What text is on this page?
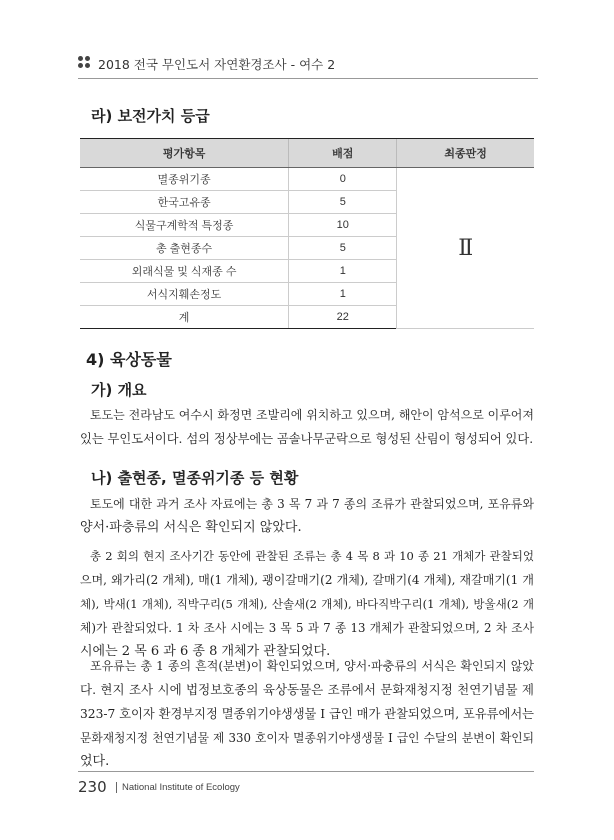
2018 전국 무인도서 자연환경조사 - 여수 2
라) 보전가치 등급
평가항목	배점	최종판정
멸종위기종	0	Ⅱ
한국고유종	5	
식물구계학적 특정종	10	
총 출현종수	5	
외래식물 및 식재종 수	1	
서식지훼손정도	1	
계	22	
4) 육상동물
가) 개요
토도는 전라남도 여수시 화정면 조발리에 위치하고 있으며, 해안이 암석으로 이루어져
있는 무인도서이다. 섬의 정상부에는 곰솔나무군락으로 형성된 산림이 형성되어 있다.
나) 출현종, 멸종위기종 등 현황
토도에 대한 과거 조사 자료에는 총 3 목 7 과 7 종의 조류가 관찰되었으며, 포유류와
양서·파충류의 서식은 확인되지 않았다.
총 2 회의 현지 조사기간 동안에 관찰된 조류는 총 4 목 8 과 10 종 21 개체가 관찰되었
으며, 왜가리(2 개체), 매(1 개체), 괭이갈매기(2 개체), 갈매기(4 개체), 재갈매기(1 개
체), 박새(1 개체), 직박구리(5 개체), 산솔새(2 개체), 바다직박구리(1 개체), 방울새(2 개
체)가 관찰되었다. 1 차 조사 시에는 3 목 5 과 7 종 13 개체가 관찰되었으며, 2 차 조사
시에는 2 목 6 과 6 종 8 개체가 관찰되었다.
포유류는 총 1 종의 흔적(분변)이 확인되었으며, 양서·파충류의 서식은 확인되지 않았
다. 현지 조사 시에 법정보호종의 육상동물은 조류에서 문화재청지정 천연기념물 제
323-7 호이자 환경부지정 멸종위기야생생물 I 급인 매가 관찰되었으며, 포유류에서는
문화재청지정 천연기념물 제 330 호이자 멸종위기야생생물 I 급인 수달의 분변이 확인되
었다.
230 National Institute of Ecology
